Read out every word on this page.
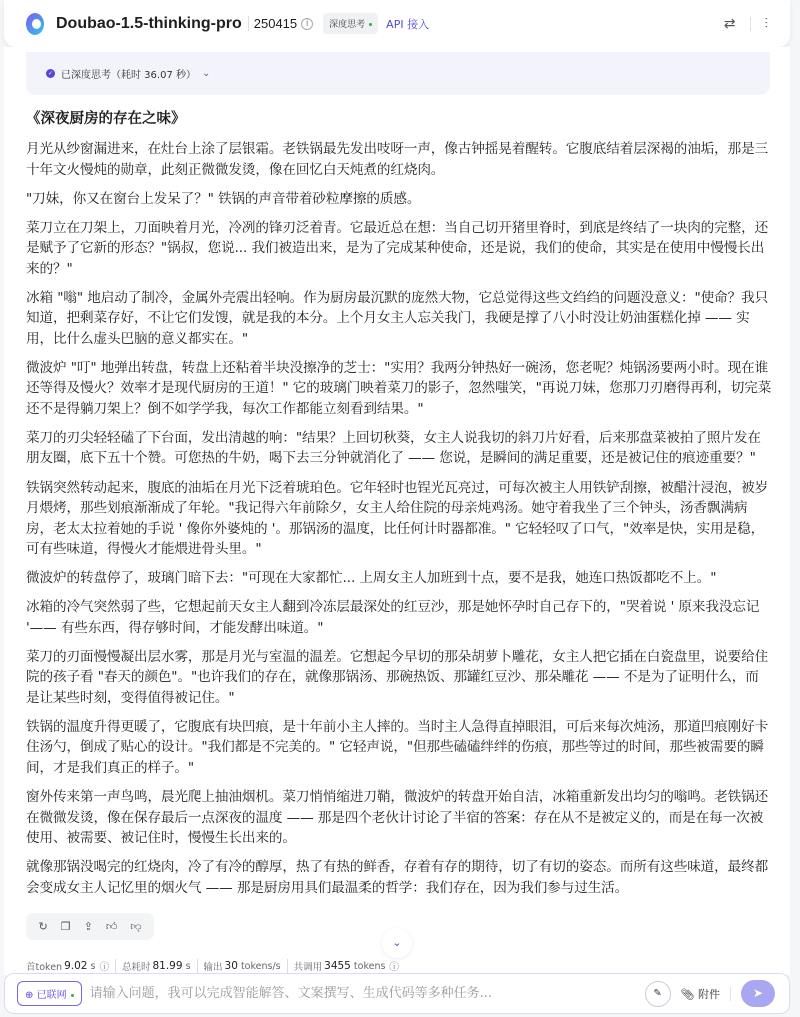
Doubao-1.5-thinking-pro 250415 i	深度思考	API 接入	⇄ ⫶
✓ 已深度思考（耗时 36.07 秒） ⌄
《深夜厨房的存在之味》

月光从纱窗漏进来，在灶台上涂了层银霜。老铁锅最先发出吱呀一声，像古钟摇晃着醒转。它腹底结着层深褐的油垢，那是三十年文火慢炖的勋章，此刻正微微发烫，像在回忆白天炖煮的红烧肉。

"刀妹，你又在窗台上发呆了？" 铁锅的声音带着砂粒摩擦的质感。

菜刀立在刀架上，刀面映着月光，冷冽的锋刃泛着青。它最近总在想：当自己切开猪里脊时，到底是终结了一块肉的完整，还是赋予了它新的形态？"锅叔，您说... 我们被造出来，是为了完成某种使命，还是说，我们的使命，其实是在使用中慢慢长出来的？"

冰箱 "嗡" 地启动了制冷，金属外壳震出轻响。作为厨房最沉默的庞然大物，它总觉得这些文绉绉的问题没意义："使命？我只知道，把剩菜存好，不让它们发馊，就是我的本分。上个月女主人忘关我门，我硬是撑了八小时没让奶油蛋糕化掉 —— 实用，比什么虚头巴脑的意义都实在。"

微波炉 "叮" 地弹出转盘，转盘上还粘着半块没擦净的芝士："实用？我两分钟热好一碗汤，您老呢？炖锅汤要两小时。现在谁还等得及慢火？效率才是现代厨房的王道！" 它的玻璃门映着菜刀的影子，忽然嗤笑，"再说刀妹，您那刀刃磨得再利，切完菜还不是得躺刀架上？倒不如学学我，每次工作都能立刻看到结果。"

菜刀的刃尖轻轻磕了下台面，发出清越的响："结果？上回切秋葵，女主人说我切的斜刀片好看，后来那盘菜被拍了照片发在朋友圈，底下五十个赞。可您热的牛奶，喝下去三分钟就消化了 —— 您说，是瞬间的满足重要，还是被记住的痕迹重要？"

铁锅突然转动起来，腹底的油垢在月光下泛着琥珀色。它年轻时也锃光瓦亮过，可每次被主人用铁铲刮擦，被醋汁浸泡，被岁月煨烤，那些划痕渐渐成了年轮。"我记得六年前除夕，女主人给住院的母亲炖鸡汤。她守着我坐了三个钟头，汤香飘满病房，老太太拉着她的手说 ' 像你外婆炖的 '。那锅汤的温度，比任何计时器都准。" 它轻轻叹了口气，"效率是快，实用是稳，可有些味道，得慢火才能煨进骨头里。"

微波炉的转盘停了，玻璃门暗下去："可现在大家都忙... 上周女主人加班到十点，要不是我，她连口热饭都吃不上。"

冰箱的冷气突然弱了些，它想起前天女主人翻到冷冻层最深处的红豆沙，那是她怀孕时自己存下的，"哭着说 ' 原来我没忘记 '—— 有些东西，得存够时间，才能发酵出味道。"

菜刀的刃面慢慢凝出层水雾，那是月光与室温的温差。它想起今早切的那朵胡萝卜雕花，女主人把它插在白瓷盘里，说要给住院的孩子看 "春天的颜色"。"也许我们的存在，就像那锅汤、那碗热饭、那罐红豆沙、那朵雕花 —— 不是为了证明什么，而是让某些时刻，变得值得被记住。"

铁锅的温度升得更暖了，它腹底有块凹痕，是十年前小主人摔的。当时主人急得直掉眼泪，可后来每次炖汤，那道凹痕刚好卡住汤勺，倒成了贴心的设计。"我们都是不完美的。" 它轻声说，"但那些磕磕绊绊的伤痕，那些等过的时间，那些被需要的瞬间，才是我们真正的样子。"

窗外传来第一声鸟鸣，晨光爬上抽油烟机。菜刀悄悄缩进刀鞘，微波炉的转盘开始自洁，冰箱重新发出均匀的嗡鸣。老铁锅还在微微发烫，像在保存最后一点深夜的温度 —— 那是四个老伙计讨论了半宿的答案：存在从不是被定义的，而是在每一次被使用、被需要、被记住时，慢慢生长出来的。

就像那锅没喝完的红烧肉，冷了有冷的醇厚，热了有热的鲜香，存着有存的期待，切了有切的姿态。而所有这些味道，最终都会变成女主人记忆里的烟火气 —— 那是厨房用具们最温柔的哲学：我们存在，因为我们参与过生活。

↻ ❐ ⇪ 👍︎ 👎︎
⌄
首token 9.02
s ⓘ	总耗时 81.99
s	输出 30
tokens/s	共调用 3455
tokens ⓘ
⊕ 已联网
请输入问题，我可以完成智能解答、文案撰写、生成代码等多种任务...	✎	📎︎ 附件	➤
